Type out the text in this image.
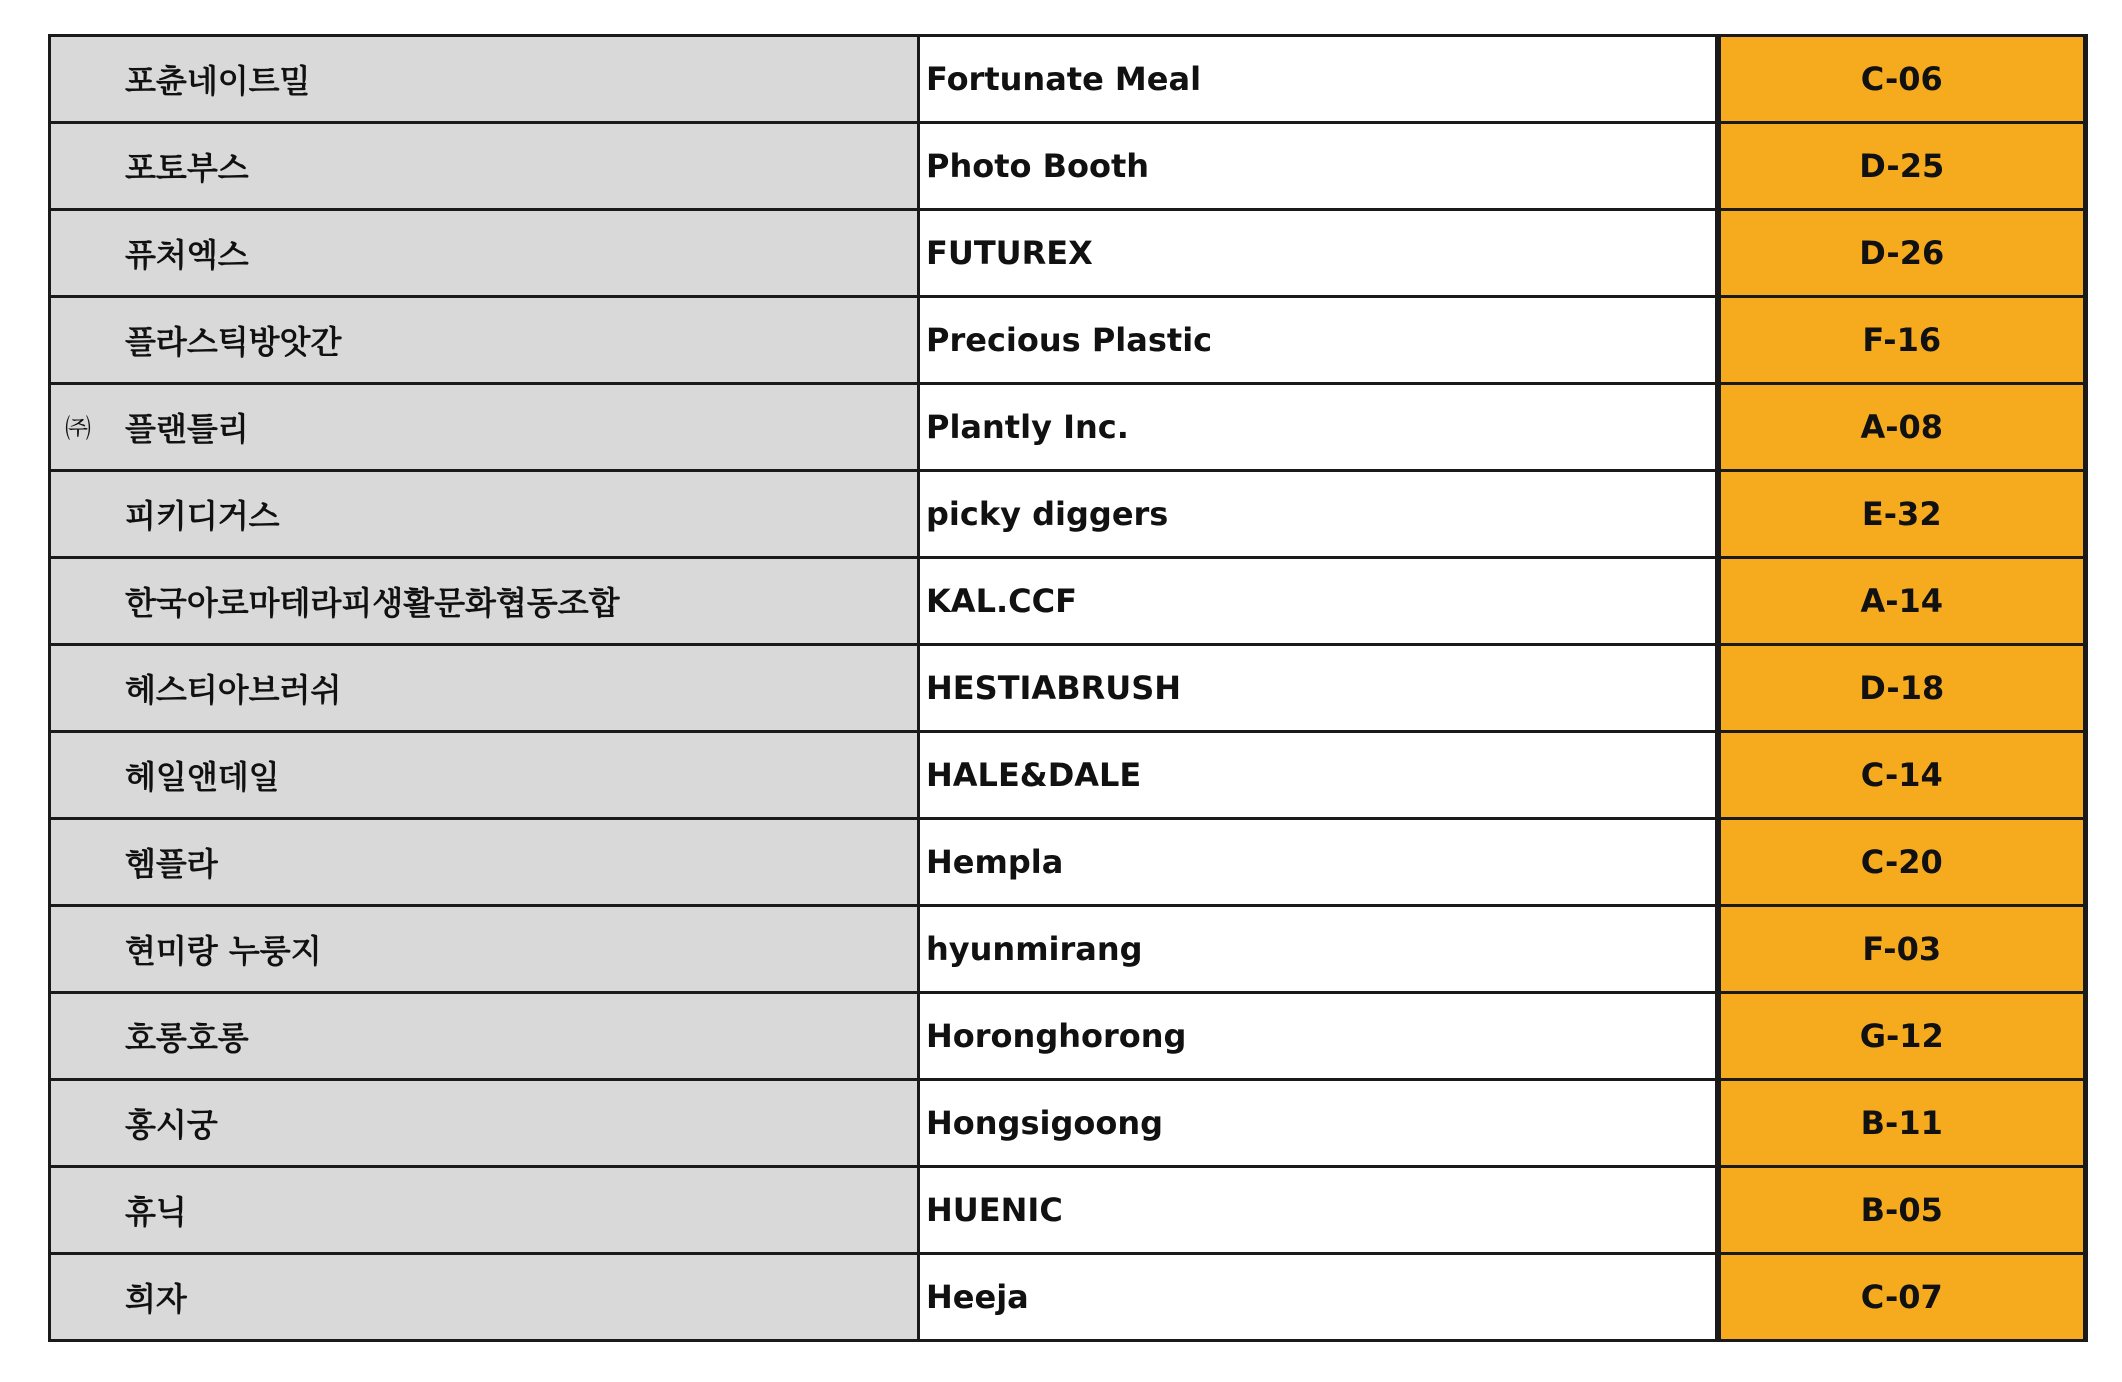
포츈네이트밀	Fortunate Meal	C-06
포토부스	Photo Booth	D-25
퓨처엑스	FUTUREX	D-26
플라스틱방앗간	Precious Plastic	F-16

㈜ 플랜틀리	Plantly Inc.	A-08
피키디거스	picky diggers	E-32
한국아로마테라피생활문화협동조합	KAL.CCF	A-14
헤스티아브러쉬	HESTIABRUSH	D-18
헤일앤데일	HALE&DALE	C-14
헴플라	Hempla	C-20
현미랑 누룽지	hyunmirang	F-03
호롱호롱	Horonghorong	G-12
홍시궁	Hongsigoong	B-11
휴닉	HUENIC	B-05
희자	Heeja	C-07
